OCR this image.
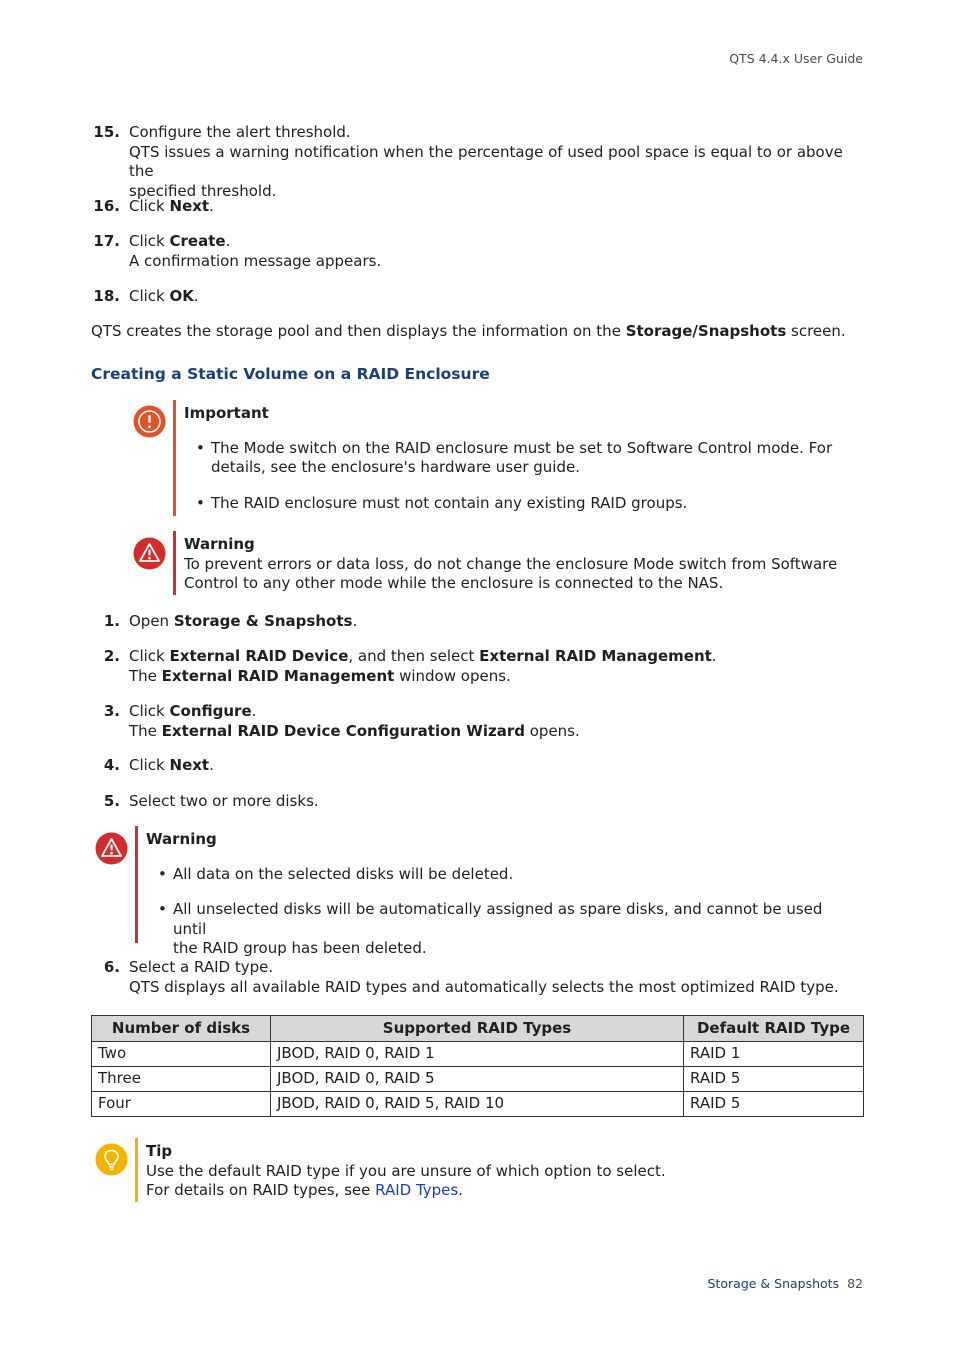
QTS 4.4.x User Guide
15. Configure the alert threshold.
QTS issues a warning notification when the percentage of used pool space is equal to or above the
specified threshold.
16. Click Next.
17. Click Create.
A confirmation message appears.
18. Click OK.
QTS creates the storage pool and then displays the information on the Storage/Snapshots screen.
Creating a Static Volume on a RAID Enclosure
Important
• The Mode switch on the RAID enclosure must be set to Software Control mode. For
details, see the enclosure's hardware user guide.
• The RAID enclosure must not contain any existing RAID groups.
Warning
To prevent errors or data loss, do not change the enclosure Mode switch from Software
Control to any other mode while the enclosure is connected to the NAS.
1. Open Storage & Snapshots.
2. Click External RAID Device, and then select External RAID Management.
The External RAID Management window opens.
3. Click Configure.
The External RAID Device Configuration Wizard opens.
4. Click Next.
5. Select two or more disks.
Warning
• All data on the selected disks will be deleted.
• All unselected disks will be automatically assigned as spare disks, and cannot be used until
the RAID group has been deleted.
6. Select a RAID type.
QTS displays all available RAID types and automatically selects the most optimized RAID type.
Number of disks	Supported RAID Types	Default RAID Type
Two	JBOD, RAID 0, RAID 1	RAID 1
Three	JBOD, RAID 0, RAID 5	RAID 5
Four	JBOD, RAID 0, RAID 5, RAID 10	RAID 5
Tip
Use the default RAID type if you are unsure of which option to select.
For details on RAID types, see RAID Types.
Storage & Snapshots 82
